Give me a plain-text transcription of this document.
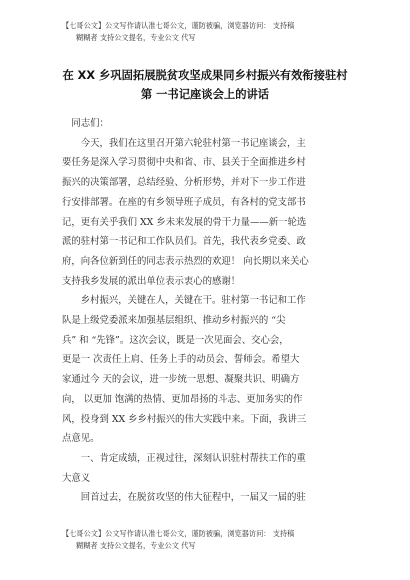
【七哥公文】公文写作请认准七哥公文，谨防被骗，浏览器访问： 支持稿
糊糊者 支持公文提名，专业公文 代写
在 XX 乡巩固拓展脱贫攻坚成果同乡村振兴有效衔接驻村
第 一书记座谈会上的讲话
　同志们：
　　今天，我们在这里召开第六轮驻村第一书记座谈会，主
要任务是深入学习贯彻中央和省、市、县关于全面推进乡村
振兴的决策部署，总结经验、分析形势，并对下一步工作进
行安排部署。在座的有乡领导班子成员，有各村的党支部书
记，更有关乎我们 XX 乡未来发展的骨干力量——新一轮选
派的驻村第一书记和工作队员们。首先，我代表乡党委、政
府，向各位新到任的同志表示热烈的欢迎！ 向长期以来关心
支持我乡发展的派出单位表示衷心的感谢！
　　乡村振兴，关键在人，关键在干。驻村第一书记和工作
队是上级党委派来加强基层组织、推动乡村振兴的 “尖
兵” 和 “先锋”。这次会议，既是一次见面会、交心会，
更是一 次责任上肩、任务上手的动员会、誓师会。希望大
家通过今 天的会议，进一步统一思想、凝聚共识、明确方
向， 以更加 饱满的热情、更加昂扬的斗志、更加务实的作
风，投身到 XX 乡乡村振兴的伟大实践中来。下面，我讲三
点意见。
　　一、肯定成绩，正视过往，深刻认识驻村帮扶工作的重
大意义
　　回首过去，在脱贫攻坚的伟大征程中，一届又一届的驻
【七哥公文】公文写作请认准七哥公文，谨防被骗，浏览器访问： 支持稿
糊糊者 支持公文提名，专业公文 代写
